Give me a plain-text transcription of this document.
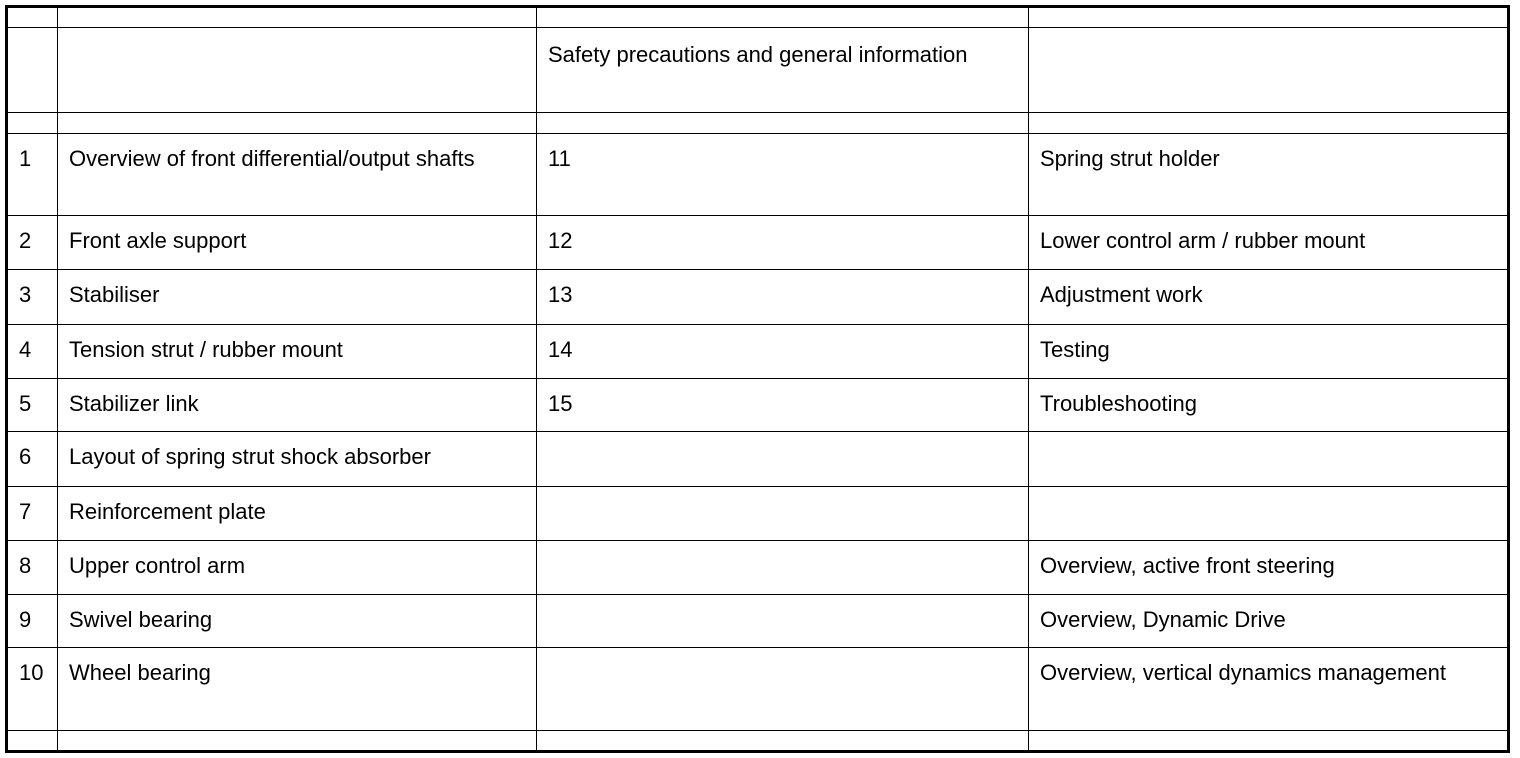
		Safety precautions and general information	

1	Overview of front differential/output shafts	11	Spring strut holder
2	Front axle support	12	Lower control arm / rubber mount
3	Stabiliser	13	Adjustment work
4	Tension strut / rubber mount	14	Testing
5	Stabilizer link	15	Troubleshooting
6	Layout of spring strut shock absorber		
7	Reinforcement plate		
8	Upper control arm		Overview, active front steering
9	Swivel bearing		Overview, Dynamic Drive
10	Wheel bearing		Overview, vertical dynamics management
